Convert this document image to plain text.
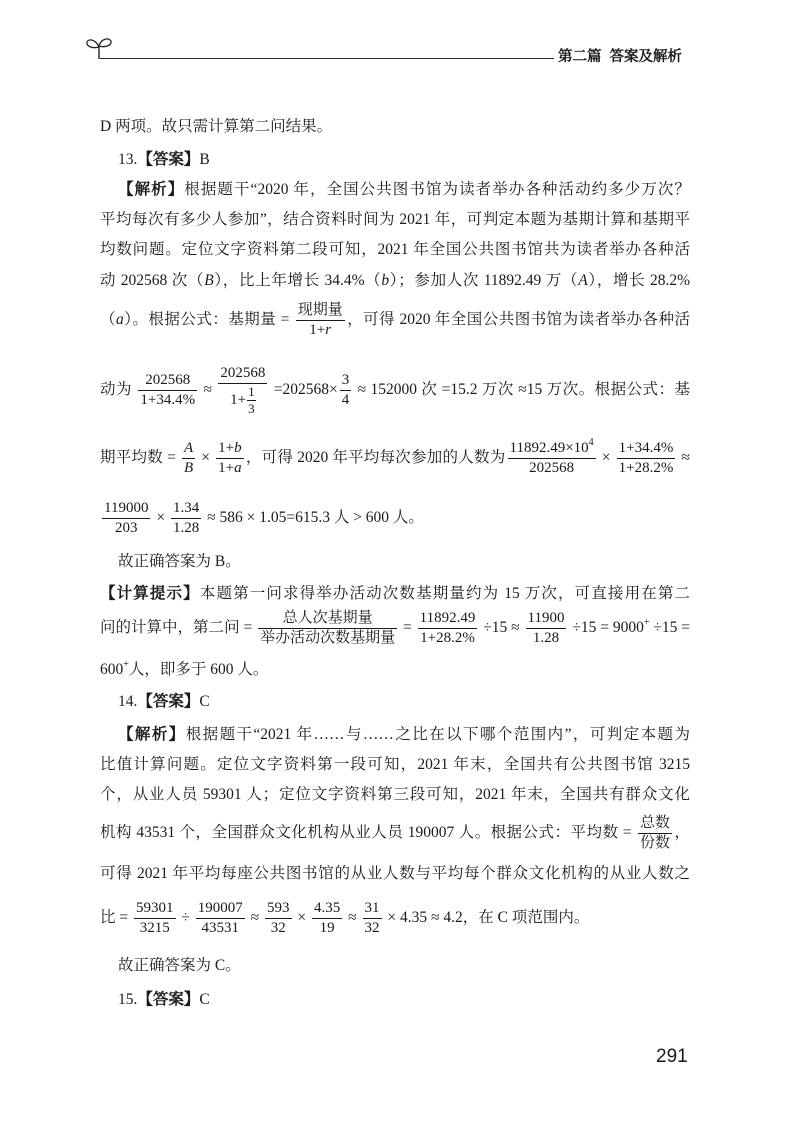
第二篇 答案及解析
D 两项。故只需计算第二问结果。
13.【答案】B
【解析】根据题干“2020 年，全国公共图书馆为读者举办各种活动约多少万次？
平均每次有多少人参加”，结合资料时间为 2021 年，可判定本题为基期计算和基期平
均数问题。定位文字资料第二段可知，2021 年全国公共图书馆共为读者举办各种活
动 202568 次（B），比上年增长 34.4%（b）；参加人次 11892.49 万（A），增长 28.2%
（a）。根据公式：基期量 = $\frac{\text{现期量}}{1+r}$ ，可得 2020 年全国公共图书馆为读者举办各种活
动为 $\frac{202568}{1+34.4\%} \approx \frac{202568}{1+ \frac{1}{3}} =202568\times \frac{3}{4} \approx 152000$ 次 =15.2 万次 ≈15 万次。根据公式：基
期平均数 = $\frac{A}{B} \times \frac{1+b}{1+a}$ ，可得 2020 年平均每次参加的人数为 $\frac{11892.49\times 10^4}{202568} \times \frac{1+34.4\%}{1+28.2\%}$ ≈
$\frac{119000}{203} \times \frac{1.34}{1.28} \approx 586 \times 1.05=615.3$ 人 > 600 人。
故正确答案为 B。
【计算提示】本题第一问求得举办活动次数基期量约为 15 万次，可直接用在第二
问的计算中，第二问 = $\frac{\text{总人次基期量}}{\text{举办活动次数基期量}} = \frac{11892.49}{1+28.2\%} \div 15 \approx \frac{11900}{1.28} \div 15 = 9000^+ \div 15$ =
600+人，即多于 600 人。
14.【答案】C
【解析】根据题干“2021 年……与……之比在以下哪个范围内”，可判定本题为
比值计算问题。定位文字资料第一段可知，2021 年末，全国共有公共图书馆 3215
个，从业人员 59301 人；定位文字资料第三段可知，2021 年末，全国共有群众文化
机构 43531 个，全国群众文化机构从业人员 190007 人。根据公式：平均数 = $\frac{\text{总数}}{\text{份数}}$ ，
可得 2021 年平均每座公共图书馆的从业人数与平均每个群众文化机构的从业人数之
比 = $\frac{59301}{3215} \div \frac{190007}{43531} \approx \frac{593}{32} \times \frac{4.35}{19} \approx \frac{31}{32} \times 4.35 \approx 4.2$，在 C 项范围内。
故正确答案为 C。
15.【答案】C
291
